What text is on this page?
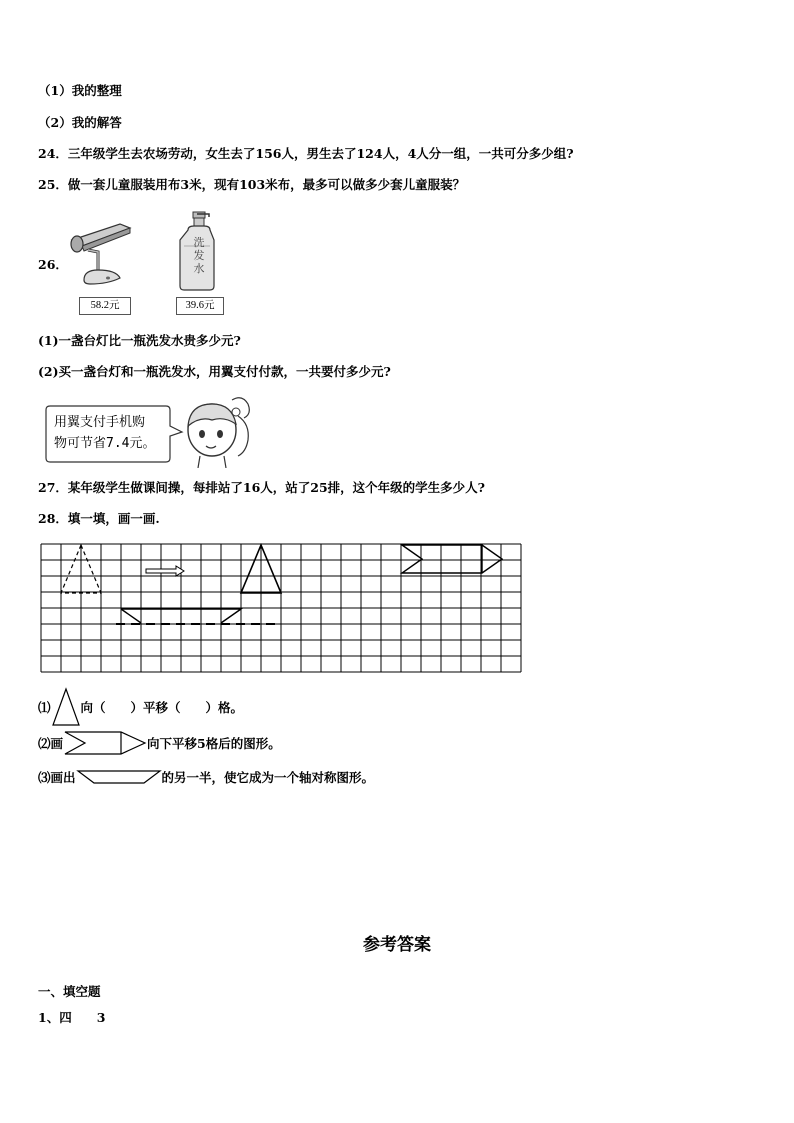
（1）我的整理
（2）我的解答
24．三年级学生去农场劳动，女生去了156人，男生去了124人，4人分一组，一共可分多少组?
25．做一套儿童服装用布3米，现有103米布，最多可以做多少套儿童服装？
26．
58.2元
洗
发
水
39.6元
(1)一盏台灯比一瓶洗发水贵多少元?
(2)买一盏台灯和一瓶洗发水，用翼支付付款，一共要付多少元?
用翼支付手机购
物可节省7.4元。
27．某年级学生做课间操，每排站了16人，站了25排，这个年级的学生多少人?
28．填一填，画一画.
⑴ 向（　　）平移（　　）格。
⑵画	向下平移5格后的图形。
⑶画出	的另一半，使它成为一个轴对称图形。
参考答案
一、填空题
1、四　　3
